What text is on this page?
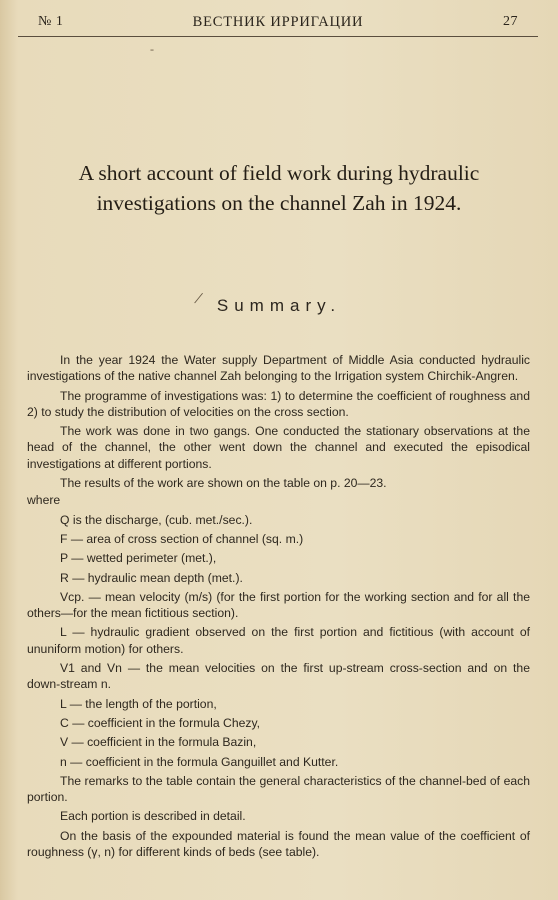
№ 1	ВЕСТНИК ИРРИГАЦИИ	27
A short account of field work during hydraulic
investigations on the channel Zah in 1924.
Summary.

In the year 1924 the Water supply Department of Middle Asia conducted hydraulic investigations of the native channel Zah belonging to the Irrigation system Chirchik-Angren.

The programme of investigations was: 1) to determine the coefficient of roughness and 2) to study the distribution of velocities on the cross section.

The work was done in two gangs. One conducted the stationary observations at the head of the channel, the other went down the channel and executed the episodical investigations at different portions.

The results of the work are shown on the table on p. 20—23.

where

Q is the discharge, (cub. met./sec.).
F — area of cross section of channel (sq. m.)
P — wetted perimeter (met.),
R — hydraulic mean depth (met.).

Vcp. — mean velocity (m/s) (for the first portion for the working section and for all the others—for the mean fictitious section).

L — hydraulic gradient observed on the first portion and fictitious (with account of ununiform motion) for others.

V1 and Vn — the mean velocities on the first up-stream cross-section and on the down-stream n.

L — the length of the portion,
C — coefficient in the formula Chezy,
V — coefficient in the formula Bazin,
n — coefficient in the formula Ganguillet and Kutter.

The remarks to the table contain the general characteristics of the channel-bed of each portion.

Each portion is described in detail.

On the basis of the expounded material is found the mean value of the coefficient of roughness (γ, n) for different kinds of beds (see table).

/
-
